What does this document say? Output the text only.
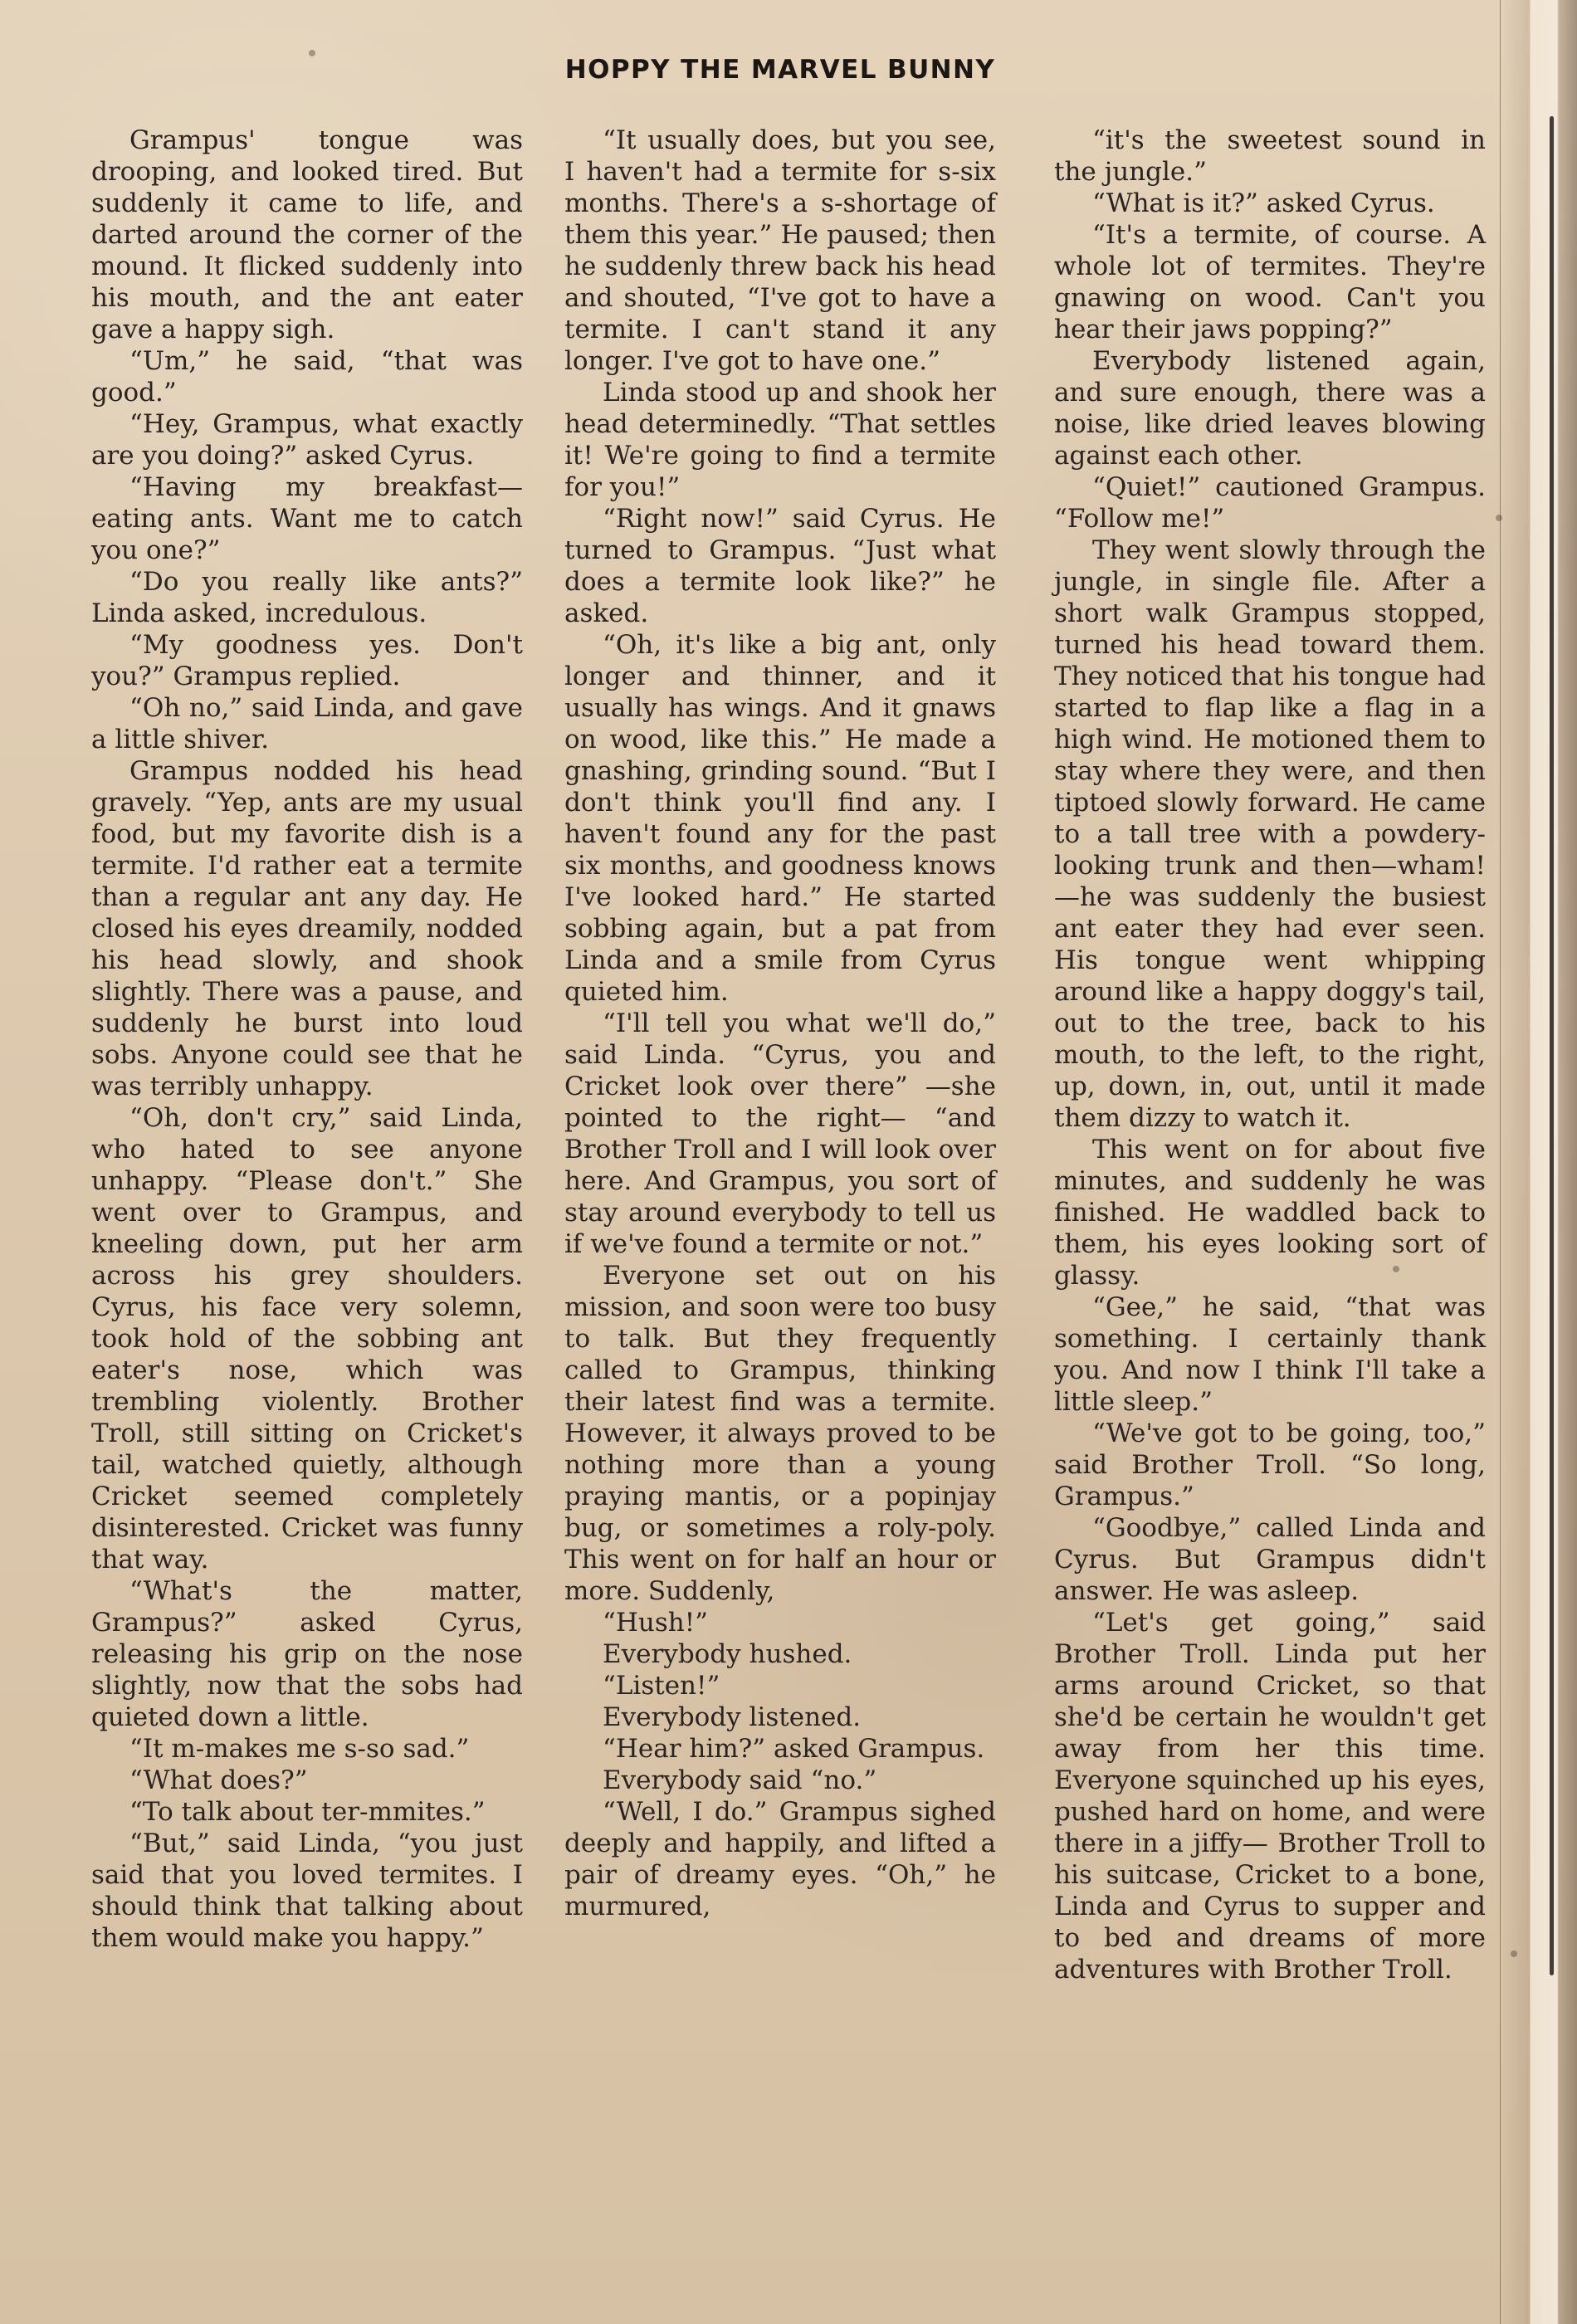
HOPPY THE MARVEL BUNNY

Grampus' tongue was drooping, and looked tired. But suddenly it came to life, and darted around the corner of the mound. It flicked suddenly into his mouth, and the ant eater gave a happy sigh.

“Um,” he said, “that was good.”

“Hey, Grampus, what exactly are you doing?” asked Cyrus.

“Having my breakfast— eating ants. Want me to catch you one?”

“Do you really like ants?” Linda asked, incredulous.

“My goodness yes. Don't you?” Grampus replied.

“Oh no,” said Linda, and gave a little shiver.

Grampus nodded his head gravely. “Yep, ants are my usual food, but my favorite dish is a termite. I'd rather eat a termite than a regular ant any day. He closed his eyes dreamily, nodded his head slowly, and shook slightly. There was a pause, and suddenly he burst into loud sobs. Anyone could see that he was terribly unhappy.

“Oh, don't cry,” said Linda, who hated to see anyone unhappy. “Please don't.” She went over to Grampus, and kneeling down, put her arm across his grey shoulders. Cyrus, his face very solemn, took hold of the sobbing ant eater's nose, which was trembling violently. Brother Troll, still sitting on Cricket's tail, watched quietly, although Cricket seemed completely disinterested. Cricket was funny that way.

“What's the matter, Grampus?” asked Cyrus, releasing his grip on the nose slightly, now that the sobs had quieted down a little.

“It m-makes me s-so sad.”

“What does?”

“To talk about ter-mmites.”

“But,” said Linda, “you just said that you loved termites. I should think that talking about them would make you happy.”

“It usually does, but you see, I haven't had a termite for s-six months. There's a s-shortage of them this year.” He paused; then he suddenly threw back his head and shouted, “I've got to have a termite. I can't stand it any longer. I've got to have one.”

Linda stood up and shook her head determinedly. “That settles it! We're going to find a termite for you!”

“Right now!” said Cyrus. He turned to Grampus. “Just what does a termite look like?” he asked.

“Oh, it's like a big ant, only longer and thinner, and it usually has wings. And it gnaws on wood, like this.” He made a gnashing, grinding sound. “But I don't think you'll find any. I haven't found any for the past six months, and goodness knows I've looked hard.” He started sobbing again, but a pat from Linda and a smile from Cyrus quieted him.

“I'll tell you what we'll do,” said Linda. “Cyrus, you and Cricket look over there” —she pointed to the right— “and Brother Troll and I will look over here. And Grampus, you sort of stay around everybody to tell us if we've found a termite or not.”

Everyone set out on his mission, and soon were too busy to talk. But they frequently called to Grampus, thinking their latest find was a termite. However, it always proved to be nothing more than a young praying mantis, or a popinjay bug, or sometimes a roly-poly. This went on for half an hour or more. Suddenly,

“Hush!”

Everybody hushed.

“Listen!”

Everybody listened.

“Hear him?” asked Grampus.

Everybody said “no.”

“Well, I do.” Grampus sighed deeply and happily, and lifted a pair of dreamy eyes. “Oh,” he murmured,

“it's the sweetest sound in the jungle.”

“What is it?” asked Cyrus.

“It's a termite, of course. A whole lot of termites. They're gnawing on wood. Can't you hear their jaws popping?”

Everybody listened again, and sure enough, there was a noise, like dried leaves blowing against each other.

“Quiet!” cautioned Grampus. “Follow me!”

They went slowly through the jungle, in single file. After a short walk Grampus stopped, turned his head toward them. They noticed that his tongue had started to flap like a flag in a high wind. He motioned them to stay where they were, and then tiptoed slowly forward. He came to a tall tree with a powdery-looking trunk and then—wham!—he was suddenly the busiest ant eater they had ever seen. His tongue went whipping around like a happy doggy's tail, out to the tree, back to his mouth, to the left, to the right, up, down, in, out, until it made them dizzy to watch it.

This went on for about five minutes, and suddenly he was finished. He waddled back to them, his eyes looking sort of glassy.

“Gee,” he said, “that was something. I certainly thank you. And now I think I'll take a little sleep.”

“We've got to be going, too,” said Brother Troll. “So long, Grampus.”

“Goodbye,” called Linda and Cyrus. But Grampus didn't answer. He was asleep.

“Let's get going,” said Brother Troll. Linda put her arms around Cricket, so that she'd be certain he wouldn't get away from her this time. Everyone squinched up his eyes, pushed hard on home, and were there in a jiffy— Brother Troll to his suitcase, Cricket to a bone, Linda and Cyrus to supper and to bed and dreams of more adventures with Brother Troll.
